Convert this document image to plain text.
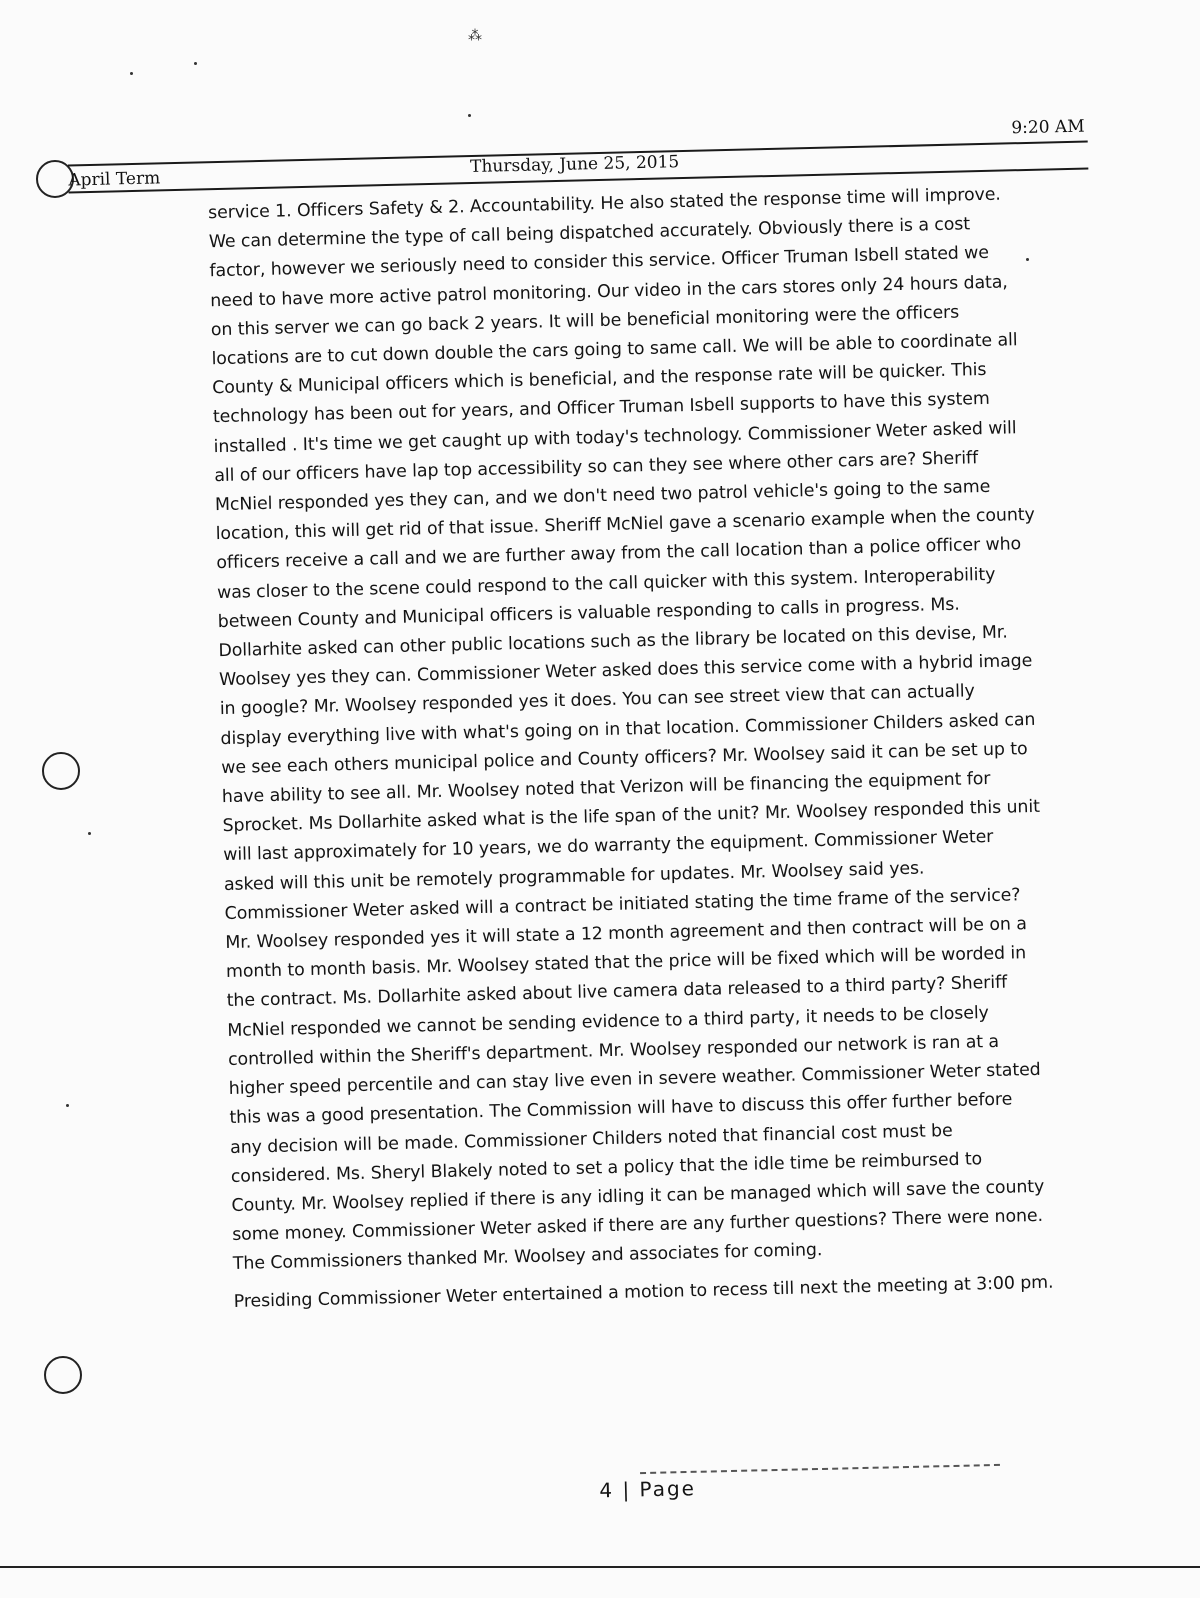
⁂
9:20 AM
April Term
Thursday, June 25, 2015

service 1. Officers Safety & 2. Accountability. He also stated the response time will improve. We can determine the type of call being dispatched accurately. Obviously there is a cost factor, however we seriously need to consider this service. Officer Truman Isbell stated we need to have more active patrol monitoring. Our video in the cars stores only 24 hours data, on this server we can go back 2 years. It will be beneficial monitoring were the officers locations are to cut down double the cars going to same call. We will be able to coordinate all County & Municipal officers which is beneficial, and the response rate will be quicker. This technology has been out for years, and Officer Truman Isbell supports to have this system installed . It's time we get caught up with today's technology. Commissioner Weter asked will all of our officers have lap top accessibility so can they see where other cars are? Sheriff McNiel responded yes they can, and we don't need two patrol vehicle's going to the same location, this will get rid of that issue. Sheriff McNiel gave a scenario example when the county officers receive a call and we are further away from the call location than a police officer who was closer to the scene could respond to the call quicker with this system. Interoperability between County and Municipal officers is valuable responding to calls in progress. Ms. Dollarhite asked can other public locations such as the library be located on this devise, Mr. Woolsey yes they can. Commissioner Weter asked does this service come with a hybrid image in google? Mr. Woolsey responded yes it does. You can see street view that can actually display everything live with what's going on in that location. Commissioner Childers asked can we see each others municipal police and County officers? Mr. Woolsey said it can be set up to have ability to see all. Mr. Woolsey noted that Verizon will be financing the equipment for Sprocket. Ms Dollarhite asked what is the life span of the unit? Mr. Woolsey responded this unit will last approximately for 10 years, we do warranty the equipment. Commissioner Weter asked will this unit be remotely programmable for updates. Mr. Woolsey said yes. Commissioner Weter asked will a contract be initiated stating the time frame of the service? Mr. Woolsey responded yes it will state a 12 month agreement and then contract will be on a month to month basis. Mr. Woolsey stated that the price will be fixed which will be worded in the contract. Ms. Dollarhite asked about live camera data released to a third party? Sheriff McNiel responded we cannot be sending evidence to a third party, it needs to be closely controlled within the Sheriff's department. Mr. Woolsey responded our network is ran at a higher speed percentile and can stay live even in severe weather. Commissioner Weter stated this was a good presentation. The Commission will have to discuss this offer further before any decision will be made. Commissioner Childers noted that financial cost must be considered. Ms. Sheryl Blakely noted to set a policy that the idle time be reimbursed to County. Mr. Woolsey replied if there is any idling it can be managed which will save the county some money. Commissioner Weter asked if there are any further questions? There were none. The Commissioners thanked Mr. Woolsey and associates for coming.

Presiding Commissioner Weter entertained a motion to recess till next the meeting at 3:00 pm.

4 | Page
